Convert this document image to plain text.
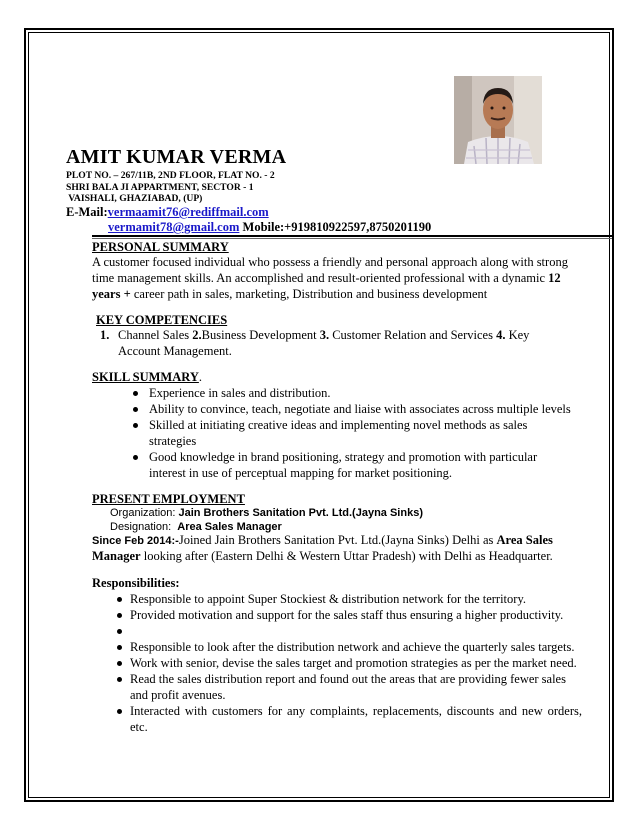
AMIT KUMAR VERMA
PLOT NO. – 267/11B, 2ND FLOOR, FLAT NO. - 2
SHRI BALA JI APPARTMENT, SECTOR - 1
VAISHALI, GHAZIABAD, (UP)
E-Mail:vermaamit76@rediffmail.com
vermamit78@gmail.com Mobile:+919810922597,8750201190
PERSONAL SUMMARY
A customer focused individual who possess a friendly and personal approach along with strong
time management skills. An accomplished and result-oriented professional with a dynamic 12
years + career path in sales, marketing, Distribution and business development
KEY COMPETENCIES
1. Channel Sales 2.Business Development 3. Customer Relation and Services 4. Key
Account Management.
SKILL SUMMARY.
Experience in sales and distribution.
Ability to convince, teach, negotiate and liaise with associates across multiple levels
Skilled at initiating creative ideas and implementing novel methods as sales
strategies
Good knowledge in brand positioning, strategy and promotion with particular
interest in use of perceptual mapping for market positioning.
PRESENT EMPLOYMENT
Organization: Jain Brothers Sanitation Pvt. Ltd.(Jayna Sinks)
Designation:  Area Sales Manager
Since Feb 2014:-Joined Jain Brothers Sanitation Pvt. Ltd.(Jayna Sinks) Delhi as Area Sales
Manager looking after (Eastern Delhi & Western Uttar Pradesh) with Delhi as Headquarter.
Responsibilities:
Responsible to appoint Super Stockiest & distribution network for the territory.
Provided motivation and support for the sales staff thus ensuring a higher productivity.
Responsible to look after the distribution network and achieve the quarterly sales targets.
Work with senior, devise the sales target and promotion strategies as per the market need.
Read the sales distribution report and found out the areas that are providing fewer sales
and profit avenues.
Interacted with customers for any complaints, replacements, discounts and new orders,
etc.
